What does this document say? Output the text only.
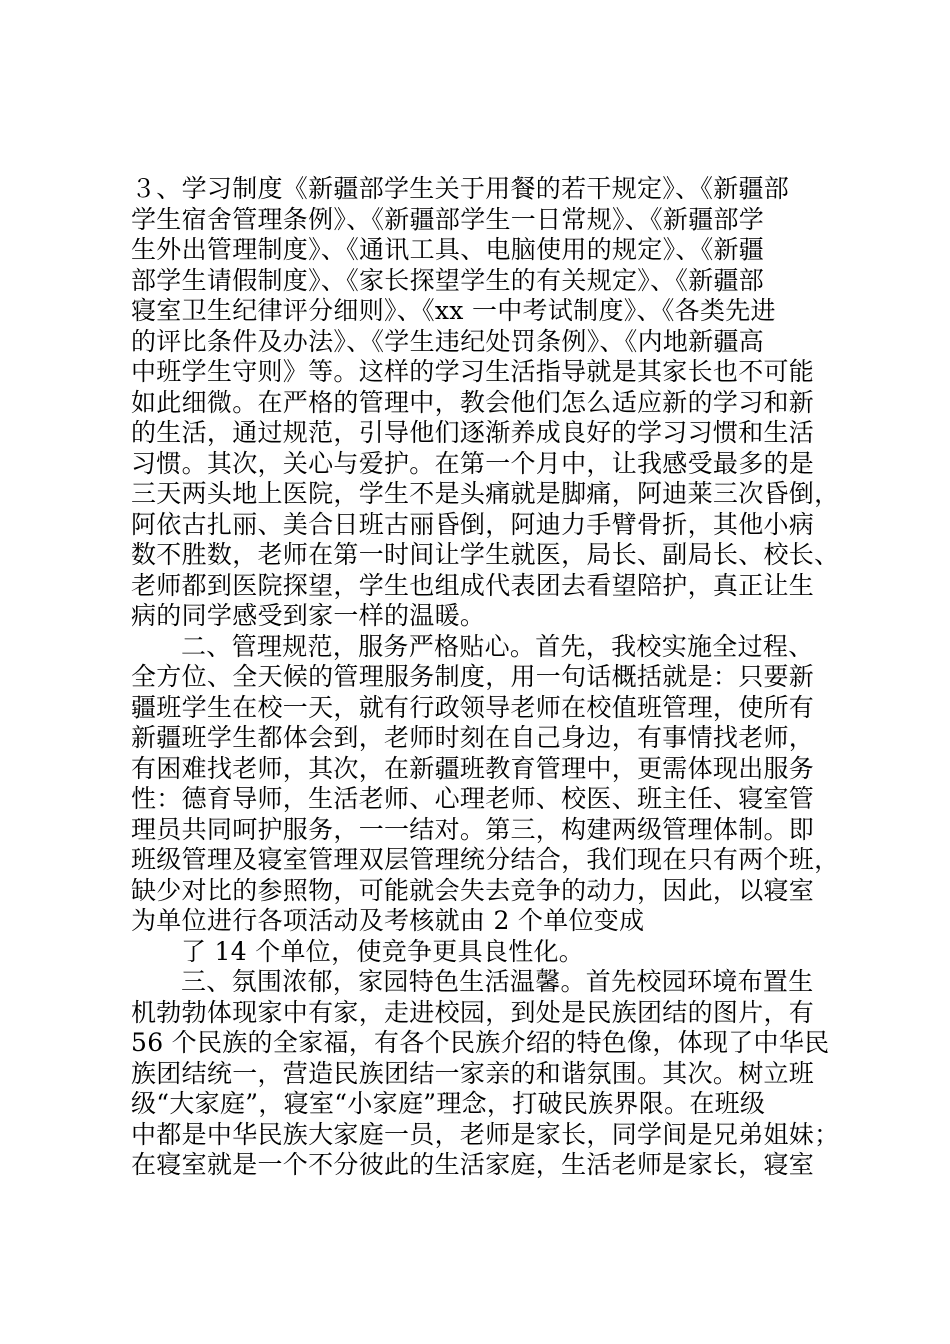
３、学习制度《新疆部学生关于用餐的若干规定》、《新疆部
学生宿舍管理条例》、《新疆部学生一日常规》、《新疆部学
生外出管理制度》、《通讯工具、电脑使用的规定》、《新疆
部学生请假制度》、《家长探望学生的有关规定》、《新疆部
寝室卫生纪律评分细则》、《xx 一中考试制度》、《各类先进
的评比条件及办法》、《学生违纪处罚条例》、《内地新疆高
中班学生守则》等。这样的学习生活指导就是其家长也不可能
如此细微。在严格的管理中，教会他们怎么适应新的学习和新
的生活，通过规范，引导他们逐渐养成良好的学习习惯和生活
习惯。其次，关心与爱护。在第一个月中，让我感受最多的是
三天两头地上医院，学生不是头痛就是脚痛，阿迪莱三次昏倒，
阿依古扎丽、美合日班古丽昏倒，阿迪力手臂骨折，其他小病
数不胜数，老师在第一时间让学生就医，局长、副局长、校长、
老师都到医院探望，学生也组成代表团去看望陪护，真正让生
病的同学感受到家一样的温暖。
二、管理规范，服务严格贴心。首先，我校实施全过程、
全方位、全天候的管理服务制度，用一句话概括就是：只要新
疆班学生在校一天，就有行政领导老师在校值班管理，使所有
新疆班学生都体会到，老师时刻在自己身边，有事情找老师，
有困难找老师，其次，在新疆班教育管理中，更需体现出服务
性：德育导师，生活老师、心理老师、校医、班主任、寝室管
理员共同呵护服务，一一结对。第三，构建两级管理体制。即
班级管理及寝室管理双层管理统分结合，我们现在只有两个班，
缺少对比的参照物，可能就会失去竞争的动力，因此，以寝室
为单位进行各项活动及考核就由 2 个单位变成
了 14 个单位，使竞争更具良性化。
三、氛围浓郁，家园特色生活温馨。首先校园环境布置生
机勃勃体现家中有家，走进校园，到处是民族团结的图片，有
56 个民族的全家福，有各个民族介绍的特色像，体现了中华民
族团结统一，营造民族团结一家亲的和谐氛围。其次。树立班
级“大家庭”，寝室“小家庭”理念，打破民族界限。在班级
中都是中华民族大家庭一员，老师是家长，同学间是兄弟姐妹；
在寝室就是一个不分彼此的生活家庭，生活老师是家长，寝室
